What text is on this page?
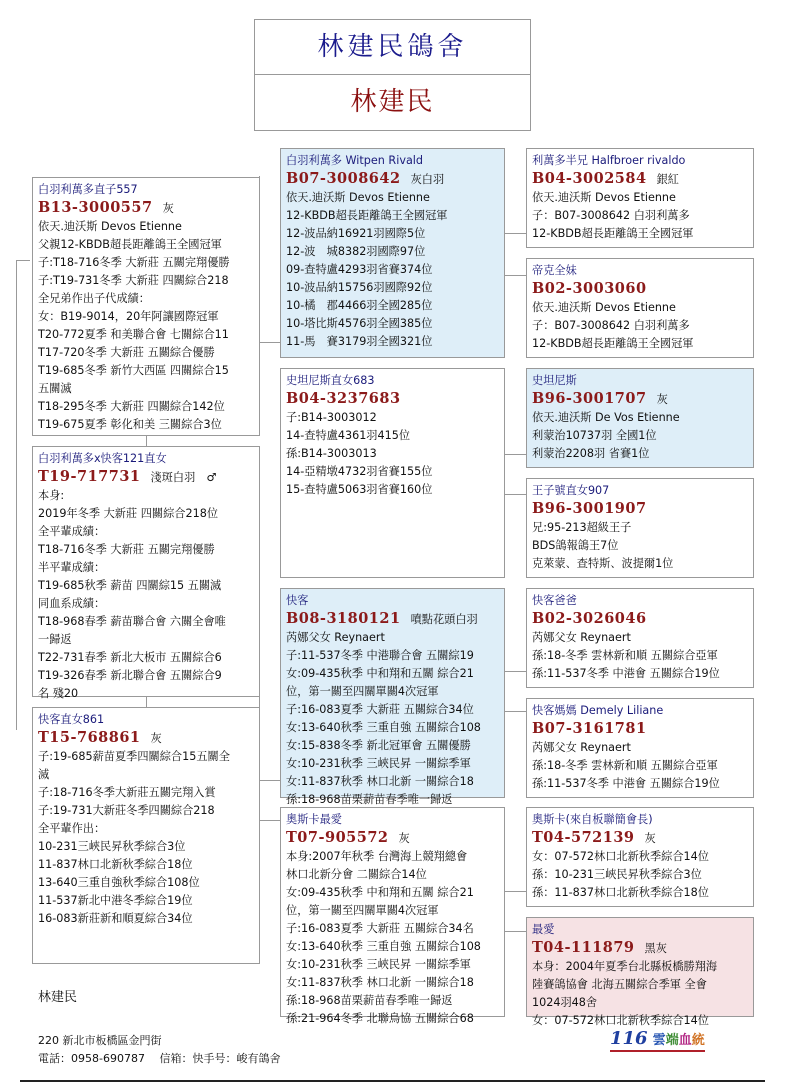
林建民鴿舍
林建民
白羽利萬多直子557
B13-3000557 灰
依天.迪沃斯 Devos Etienne
父親12-KBDB超長距離鴿王全國冠軍
子:T18-716冬季 大新莊 五關完翔優勝
子:T19-731冬季 大新莊 四關綜合218
全兄弟作出子代成績：
女：B19-9014，20年阿讓國際冠軍
T20-772夏季 和美聯合會 七關綜合11
T17-720冬季 大新莊 五關綜合優勝
T19-685冬季 新竹大西區 四關綜合15
五關滅
T18-295冬季 大新莊 四關綜合142位
T19-675夏季 彰化和美 三關綜合3位
白羽利萬多x快客121直女
T19-717731 淺斑白羽　♂
本身:
2019年冬季 大新莊 四關綜合218位
全平輩成績：
T18-716冬季 大新莊 五關完翔優勝
半平輩成績：
T19-685秋季 薪苗 四關綜15 五關滅
同血系成績：
T18-968春季 薪苗聯合會 六關全會唯
一歸返
T22-731春季 新北大板市 五關綜合6
T19-326春季 新北聯合會 五關綜合9
名 殘20
快客直女861
T15-768861 灰
子:19-685薪苗夏季四關綜合15五關全
滅
子:18-716冬季大新莊五關完翔入賞
子:19-731大新莊冬季四關綜合218
全平輩作出：
10-231三峽民昇秋季綜合3位
11-837林口北新秋季綜合18位
13-640三重自強秋季綜合108位
11-537新北中港冬季綜合19位
16-083新莊新和順夏綜合34位
白羽利萬多 Witpen Rivald
B07-3008642 灰白羽
依天.迪沃斯 Devos Etienne
12-KBDB超長距離鴿王全國冠軍
12-波品納16921羽國際5位
12-波　城8382羽國際97位
09-查特盧4293羽省賽374位
10-波品納15756羽國際92位
10-橘　郡4466羽全國285位
10-塔比斯4576羽全國385位
11-馬　賽3179羽全國321位
史坦尼斯直女683
B04-3237683
子:B14-3003012
14-查特盧4361羽415位
孫:B14-3003013
14-亞精墩4732羽省賽155位
15-查特盧5063羽省賽160位
快客
B08-3180121 噴點花頭白羽
芮娜父女 Reynaert
子:11-537冬季 中港聯合會 五關綜19
女:09-435秋季 中和翔和五關 綜合21
位，第一關至四關單關4次冠軍
子:16-083夏季 大新莊 五關綜合34位
女:13-640秋季 三重自強 五關綜合108
女:15-838冬季 新北冠軍會 五關優勝
女:10-231秋季 三峽民昇 一關綜季軍
女:11-837秋季 林口北新 一關綜合18
孫:18-968苗栗薪苗春季唯一歸返
奧斯卡最愛
T07-905572 灰
本身:2007年秋季 台灣海上競翔總會
林口北新分會 二關綜合14位
女:09-435秋季 中和翔和五關 綜合21
位，第一關至四關單關4次冠軍
子:16-083夏季 大新莊 五關綜合34名
女:13-640秋季 三重自強 五關綜合108
女:10-231秋季 三峽民昇 一關綜季軍
女:11-837秋季 林口北新 一關綜合18
孫:18-968苗栗薪苗春季唯一歸返
孫:21-964冬季 北聯鳥協 五關綜合68
利萬多半兄 Halfbroer rivaldo
B04-3002584 銀紅
依天.迪沃斯 Devos Etienne
子：B07-3008642 白羽利萬多
12-KBDB超長距離鴿王全國冠軍
帝克全妹
B02-3003060
依天.迪沃斯 Devos Etienne
子：B07-3008642 白羽利萬多
12-KBDB超長距離鴿王全國冠軍
史坦尼斯
B96-3001707 灰
依天.迪沃斯 De Vos Etienne
利蒙治10737羽 全國1位
利蒙治2208羽 省賽1位
王子號直女907
B96-3001907
兄:95-213超級王子
BDS鴿報鴿王7位
克萊蒙、查特斯、波提爾1位
快客爸爸
B02-3026046
芮娜父女 Reynaert
孫:18-冬季 雲林新和順 五關綜合亞軍
孫:11-537冬季 中港會 五關綜合19位
快客媽媽 Demely Liliane
B07-3161781
芮娜父女 Reynaert
孫:18-冬季 雲林新和順 五關綜合亞軍
孫:11-537冬季 中港會 五關綜合19位
奧斯卡(來自板聯簡會長)
T04-572139 灰
女：07-572林口北新秋季綜合14位
孫：10-231三峽民昇秋季綜合3位
孫：11-837林口北新秋季綜合18位
最愛
T04-111879 黑灰
本身：2004年夏季台北縣板橋勝翔海
陸賽鴿協會 北海五關綜合季軍 全會
1024羽48舍
女：07-572林口北新秋季綜合14位
林建民
220 新北市板橋區金門街
電話：0958-690787　 信箱：快手号：峻有鴿舍
116 雲端血統
